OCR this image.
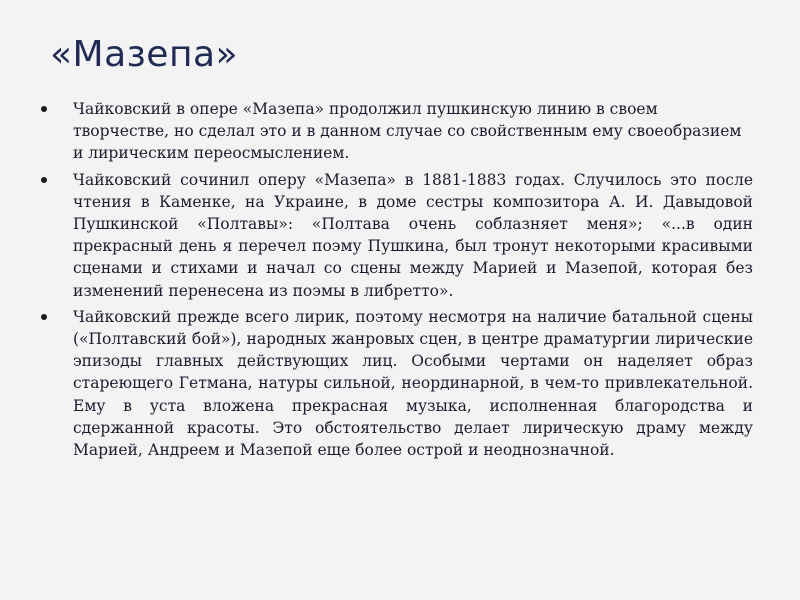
«Мазепа»
Чайковский в опере «Мазепа» продолжил пушкинскую линию в своем творчестве, но сделал это и в данном случае со свойственным ему своеобразием и лирическим переосмыслением.
Чайковский сочинил оперу «Мазепа» в 1881-1883 годах. Случилось это после чтения в Каменке, на Украине, в доме сестры композитора А. И. Давыдовой Пушкинской «Полтавы»: «Полтава очень соблазняет меня»; «...в один прекрасный день я перечел поэму Пушкина, был тронут некоторыми красивыми сценами и стихами и начал со сцены между Марией и Мазепой, которая без изменений перенесена из поэмы в либретто».
Чайковский прежде всего лирик, поэтому несмотря на наличие батальной сцены («Полтавский бой»), народных жанровых сцен, в центре драматургии лирические эпизоды главных действующих лиц. Особыми чертами он наделяет образ стареющего Гетмана, натуры сильной, неординарной, в чем-то привлекательной. Ему в уста вложена прекрасная музыка, исполненная благородства и сдержанной красоты. Это обстоятельство делает лирическую драму между Марией, Андреем и Мазепой еще более острой и неоднозначной.
